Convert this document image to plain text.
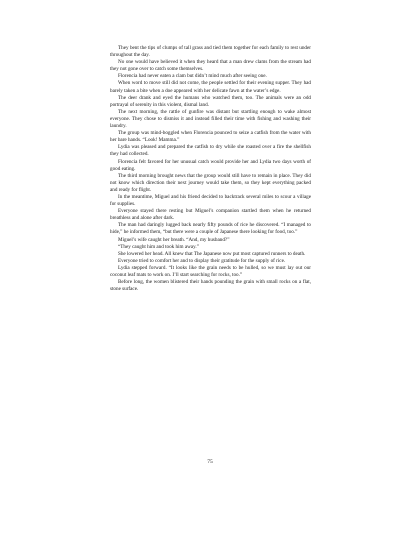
They bent the tips of clumps of tall grass and tied them together for each family to rest under throughout the day.

No one would have believed it when they heard that a man drew clams from the stream had they not gone over to catch some themselves.

Florencia had never eaten a clam but didn’t mind much after seeing one.

When word to move still did not come, the people settled for their evening supper. They had barely taken a bite when a doe appeared with her delicate fawn at the water’s edge.

The deer drank and eyed the humans who watched them, too. The animals were an odd portrayal of serenity in this violent, dismal land.

The next morning, the rattle of gunfire was distant but startling enough to wake almost everyone. They chose to dismiss it and instead filled their time with fishing and washing their laundry.

The group was mind-boggled when Florencia pounced to seize a catfish from the water with her bare hands. “Look! Mamma.”

Lydia was pleased and prepared the catfish to dry while she roasted over a fire the shellfish they had collected.

Florencia felt favored for her unusual catch would provide her and Lydia two days worth of good eating.

The third morning brought news that the group would still have to remain in place. They did not know which direction their next journey would take them, so they kept everything packed and ready for flight.

In the meantime, Miguel and his friend decided to backtrack several miles to scour a village for supplies.

Everyone stayed there resting but Miguel’s companion startled them when he returned breathless and alone after dark.

The man had daringly lugged back nearly fifty pounds of rice he discovered. “I managed to hide,” he informed them, “but there were a couple of Japanese there looking for food, too.”

Miguel’s wife caught her breath. “And, my husband?”

“They caught him and took him away.”

She lowered her head. All knew that The Japanese now put most captured runners to death.

Everyone tried to comfort her and to display their gratitude for the supply of rice.

Lydia stepped forward. “It looks like the grain needs to be hulled, so we must lay out our coconut leaf mats to work on. I’ll start searching for rocks, too.”

Before long, the women blistered their hands pounding the grain with small rocks on a flat, stone surface.

75
